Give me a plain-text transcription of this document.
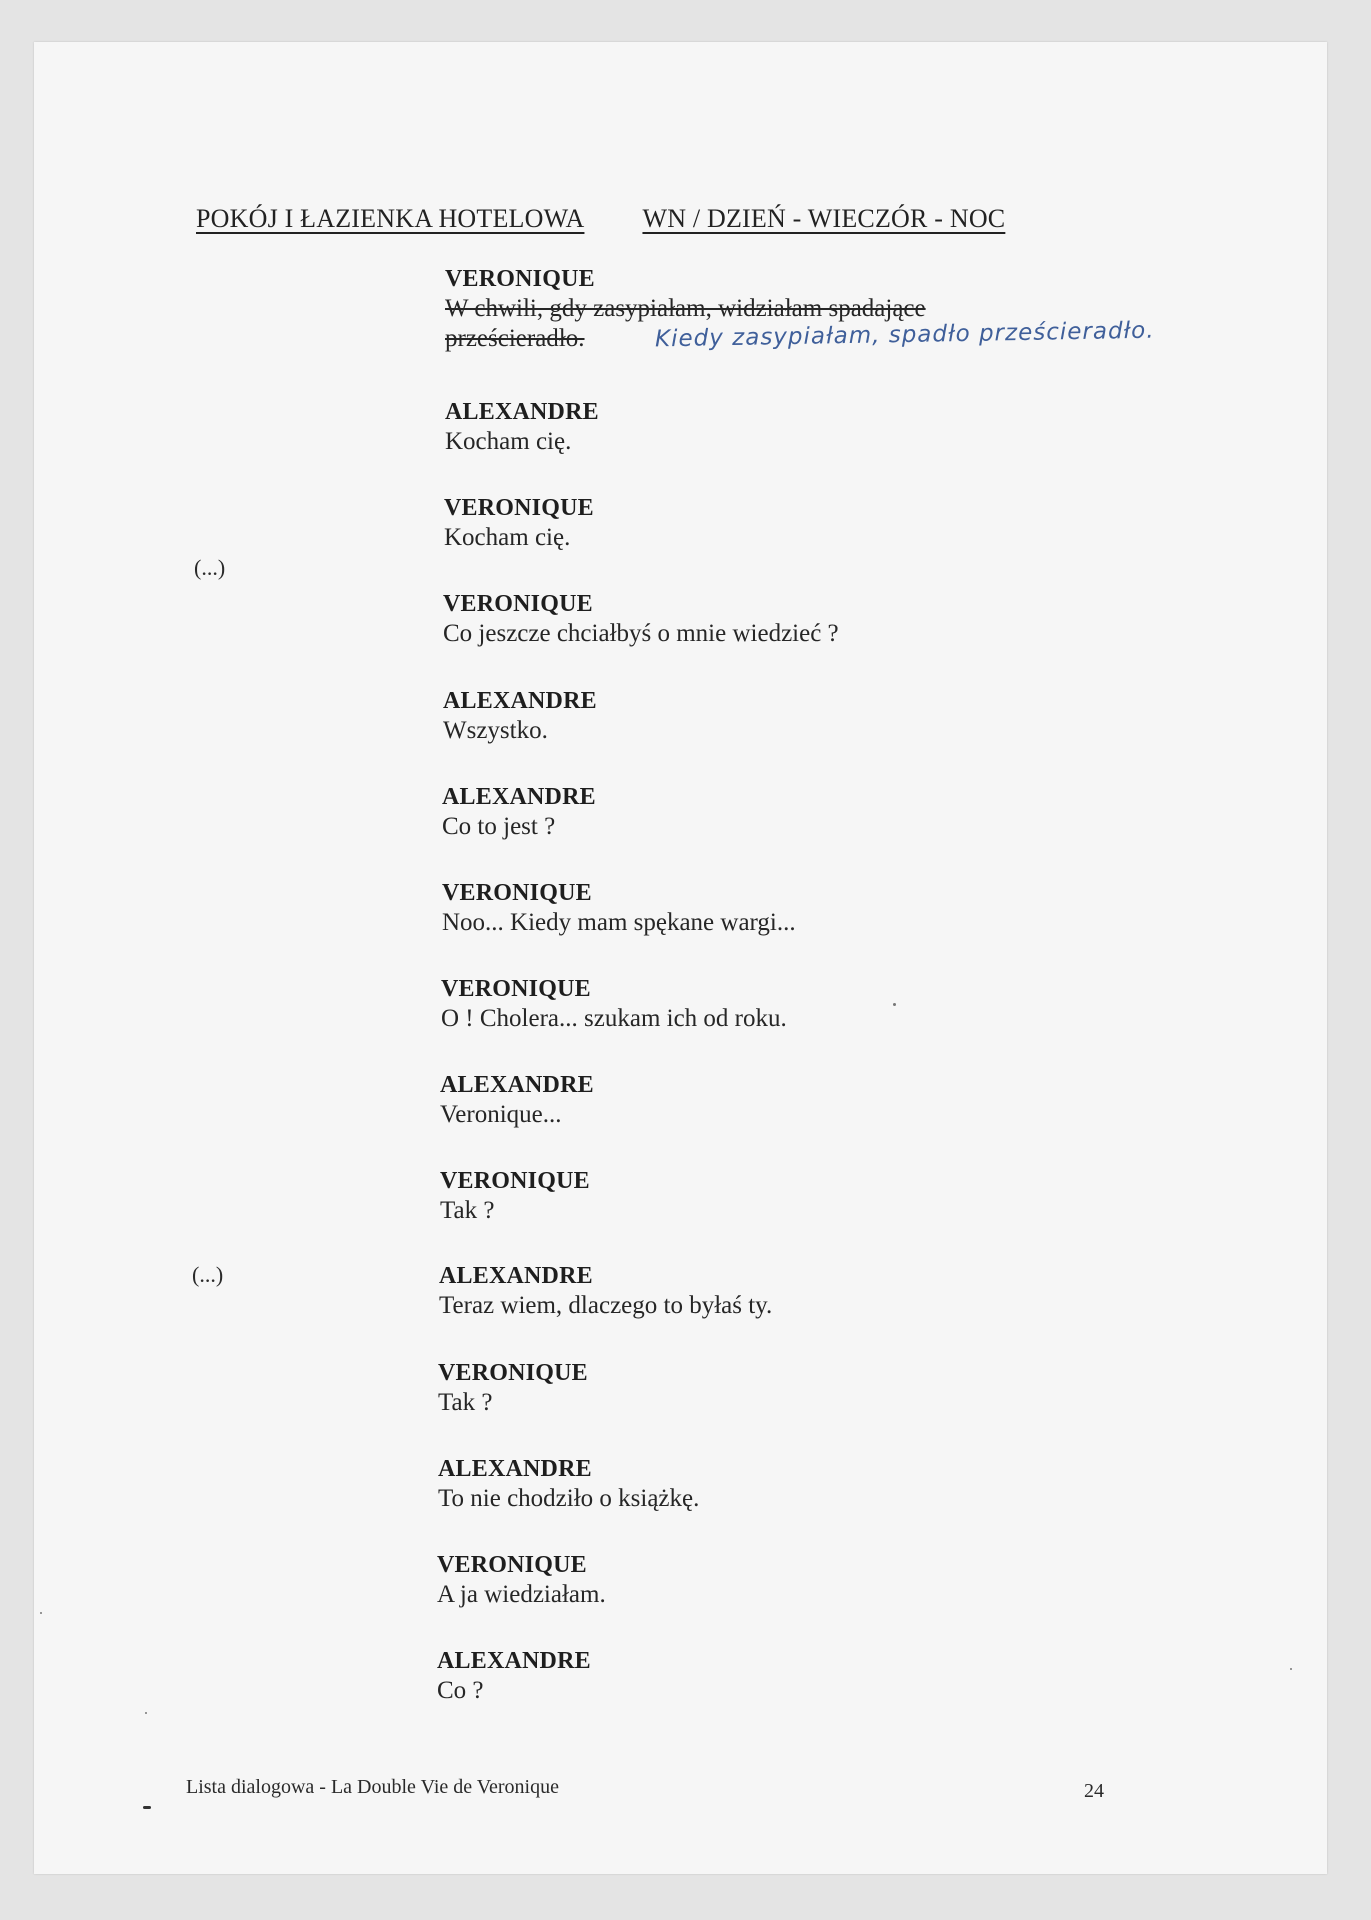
POKÓJ I ŁAZIENKA HOTELOWA WN / DZIEŃ - WIECZÓR - NOC
VERONIQUE
W chwili, gdy zasypiałam, widziałam spadające
prześcieradło.	Kiedy zasypiałam, spadło prześcieradło.
ALEXANDRE
Kocham cię.
VERONIQUE
Kocham cię.
(...)
VERONIQUE
Co jeszcze chciałbyś o mnie wiedzieć ?
ALEXANDRE
Wszystko.
ALEXANDRE
Co to jest ?
VERONIQUE
Noo... Kiedy mam spękane wargi...
VERONIQUE
O ! Cholera... szukam ich od roku.
ALEXANDRE
Veronique...
VERONIQUE
Tak ?
(...)	ALEXANDRE
Teraz wiem, dlaczego to byłaś ty.
VERONIQUE
Tak ?
ALEXANDRE
To nie chodziło o książkę.
VERONIQUE
A ja wiedziałam.
ALEXANDRE
Co ?
Lista dialogowa - La Double Vie de Veronique	24
